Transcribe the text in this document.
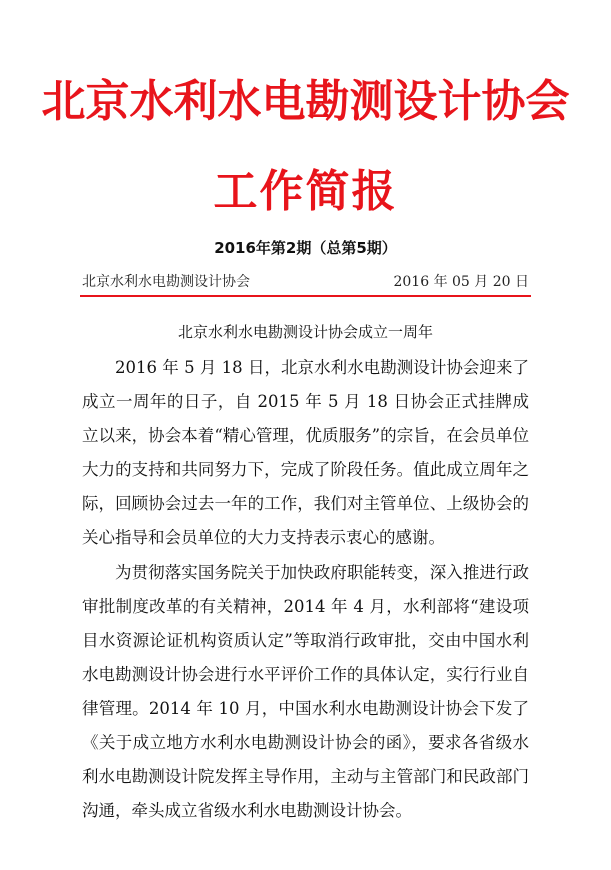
北京水利水电勘测设计协会
工作简报
2016年第2期（总第5期）
北京水利水电勘测设计协会	2016 年 05 月 20 日
北京水利水电勘测设计协会成立一周年

2016 年 5 月 18 日，北京水利水电勘测设计协会迎来了成立一周年的日子，自 2015 年 5 月 18 日协会正式挂牌成立以来，协会本着“精心管理，优质服务”的宗旨，在会员单位大力的支持和共同努力下，完成了阶段任务。值此成立周年之际，回顾协会过去一年的工作，我们对主管单位、上级协会的关心指导和会员单位的大力支持表示衷心的感谢。

为贯彻落实国务院关于加快政府职能转变，深入推进行政审批制度改革的有关精神，2014 年 4 月，水利部将“建设项目水资源论证机构资质认定”等取消行政审批，交由中国水利水电勘测设计协会进行水平评价工作的具体认定，实行行业自律管理。2014 年 10 月，中国水利水电勘测设计协会下发了《关于成立地方水利水电勘测设计协会的函》，要求各省级水利水电勘测设计院发挥主导作用，主动与主管部门和民政部门沟通，牵头成立省级水利水电勘测设计协会。
